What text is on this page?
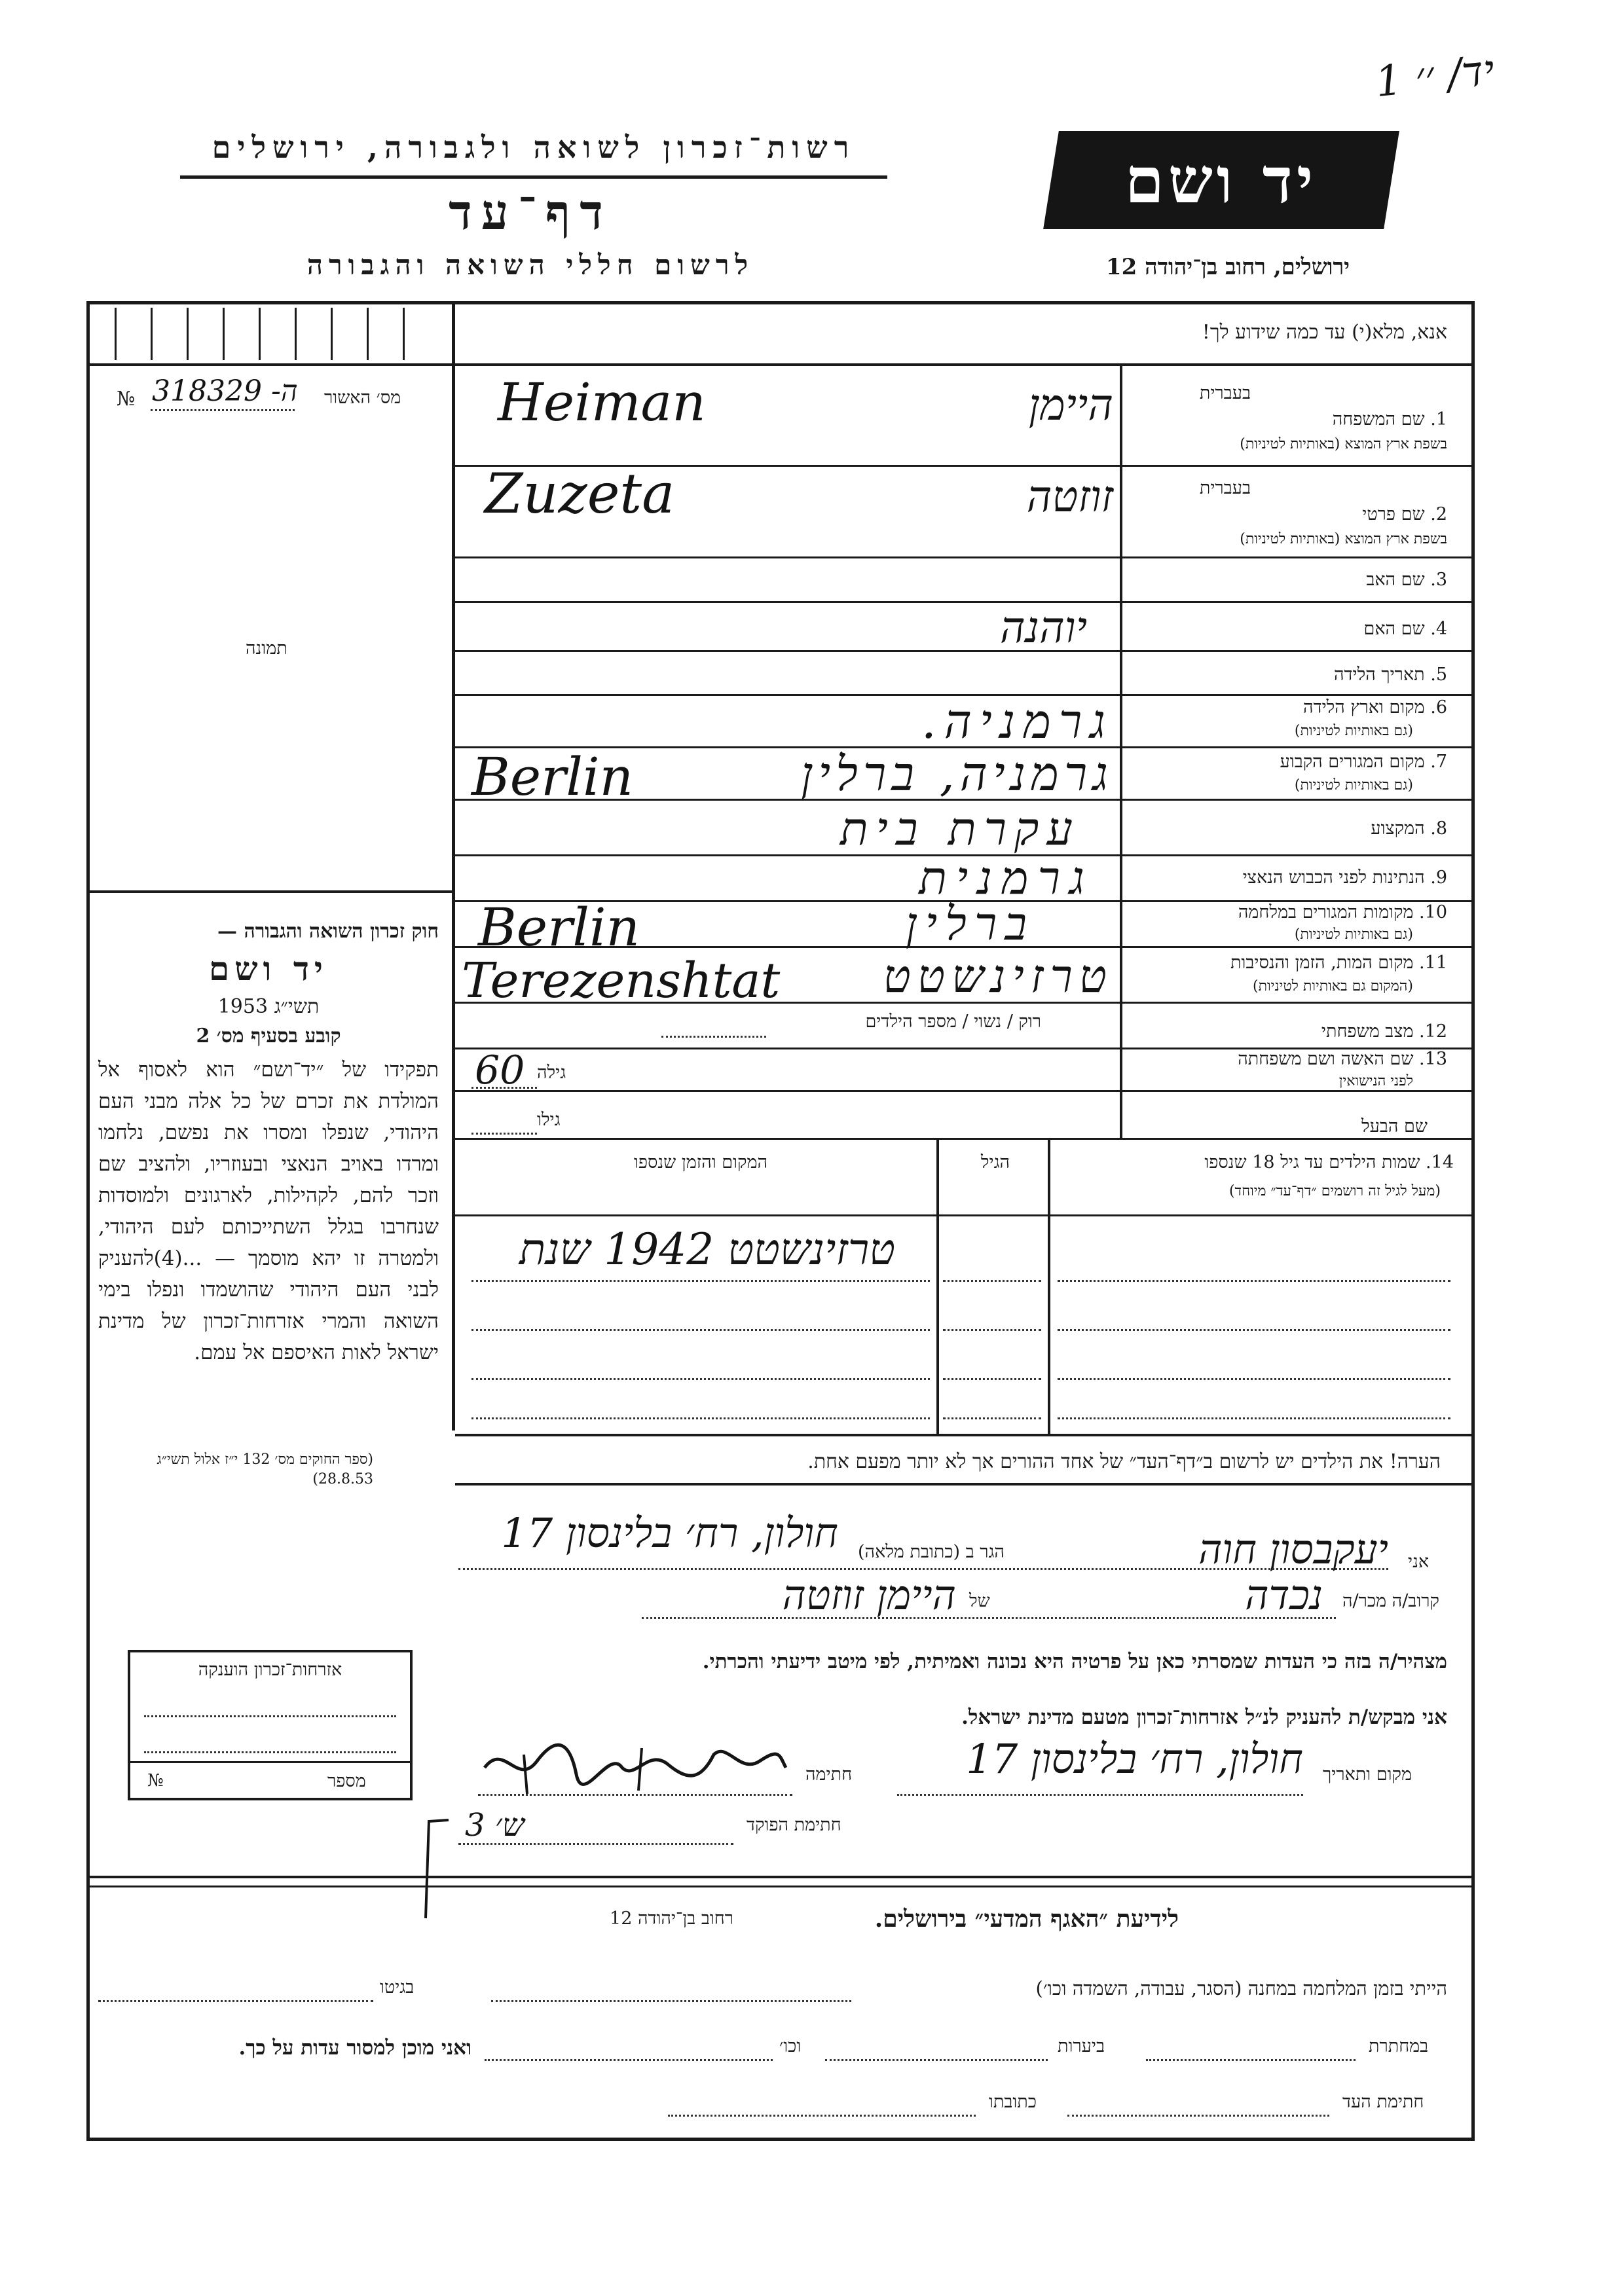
יד/ ׳׳ 1
רשות־זכרון לשואה ולגבורה, ירושלים
דף־עד
לרשום חללי השואה והגבורה
יד ושם
ירושלים, רחוב בן־יהודה 12
№ ה- 318329 מס׳ האשור
תמונה
אנא, מלא(י) עד כמה שידוע לך!
בעברית
1. שם המשפחה
בשפת ארץ המוצא (באותיות לטיניות)
היימן
Heiman
בעברית
2. שם פרטי
בשפת ארץ המוצא (באותיות לטיניות)
זוזטה
Zuzeta
3. שם האב
4. שם האם
יוהנה
5. תאריך הלידה
6. מקום וארץ הלידה
(גם באותיות לטיניות)
גרמניה.
7. מקום המגורים הקבוע
(גם באותיות לטיניות)
גרמניה, ברלין
Berlin
8. המקצוע
עקרת בית
9. הנתינות לפני הכבוש הנאצי
גרמנית
10. מקומות המגורים במלחמה
(גם באותיות לטיניות)
ברלין
Berlin
11. מקום המות, הזמן והנסיבות
(המקום גם באותיות לטיניות)
טרזינשטט
Terezenshtat
12. מצב משפחתי
רוק / נשוי / מספר הילדים
13. שם האשה ושם משפחתה
לפני הנישואין
גילה
60
שם הבעל
גילו
14. שמות הילדים עד גיל 18 שנספו
(מעל לגיל זה רושמים ״דף־עד״ מיוחד)
הגיל
המקום והזמן שנספו
טרזינשטט 1942 שנת
הערה! את הילדים יש לרשום ב״דף־העד״ של אחד ההורים אך לא יותר מפעם אחת.
חוק זכרון השואה והגבורה —
יד ושם
תשי״ג 1953
קובע בסעיף מס׳ 2
תפקידו של ״יד־ושם״ הוא לאסוף אל המולדת את זכרם של כל אלה מבני העם היהודי, שנפלו ומסרו את נפשם, נלחמו ומרדו באויב הנאצי ובעוזריו, ולהציב שם וזכר להם, לקהילות, לארגונים ולמוסדות שנחרבו בגלל השתייכותם לעם היהודי, ולמטרה זו יהא מוסמך — ...(4)להעניק לבני העם היהודי שהושמדו ונפלו בימי השואה והמרי אזרחות־זכרון של מדינת ישראל לאות האיספם אל עמם.
(ספר החוקים מס׳ 132 י״ז אלול תשי״ג 28.8.53)
אזרחות־זכרון הוענקה
מספר
№
אני
יעקבסון חוה
הגר ב (כתובת מלאה)
חולון, רח׳ בלינסון 17
קרוב/ה מכר/ה
נכדה
של
היימן זוזטה
מצהיר/ה בזה כי העדות שמסרתי כאן על פרטיה היא נכונה ואמיתית, לפי מיטב ידיעתי והכרתי.
אני מבקש/ת להעניק לנ״ל אזרחות־זכרון מטעם מדינת ישראל.
מקום ותאריך
חולון, רח׳ בלינסון 17
חתימה
חתימת הפוקד
ש׳ 3
לידיעת ״האגף המדעי״ בירושלים.
רחוב בן־יהודה 12
הייתי בזמן המלחמה במחנה (הסגר, עבודה, השמדה וכו׳)
בגיטו
במחתרת
ביערות
וכו׳
ואני מוכן למסור עדות על כך.
חתימת העד
כתובתו
